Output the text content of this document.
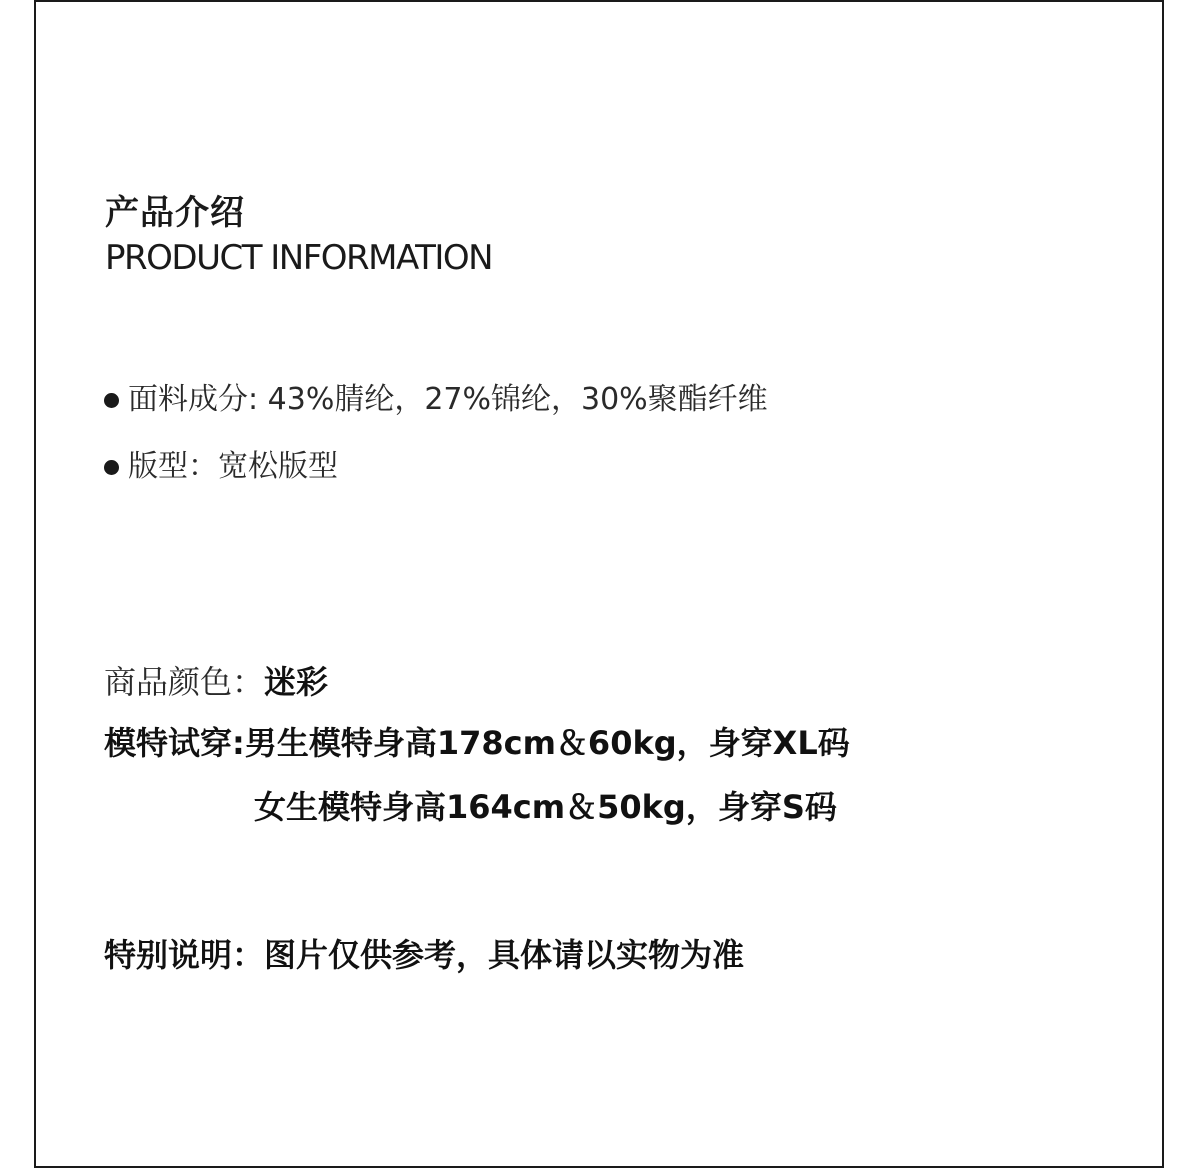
产品介绍
PRODUCT INFORMATION
面料成分: 43%腈纶，27%锦纶，30%聚酯纤维
版型：宽松版型
商品颜色：迷彩
模特试穿:男生模特身高178cm＆60kg，身穿XL码
女生模特身高164cm＆50kg，身穿S码
特别说明：图片仅供参考，具体请以实物为准
